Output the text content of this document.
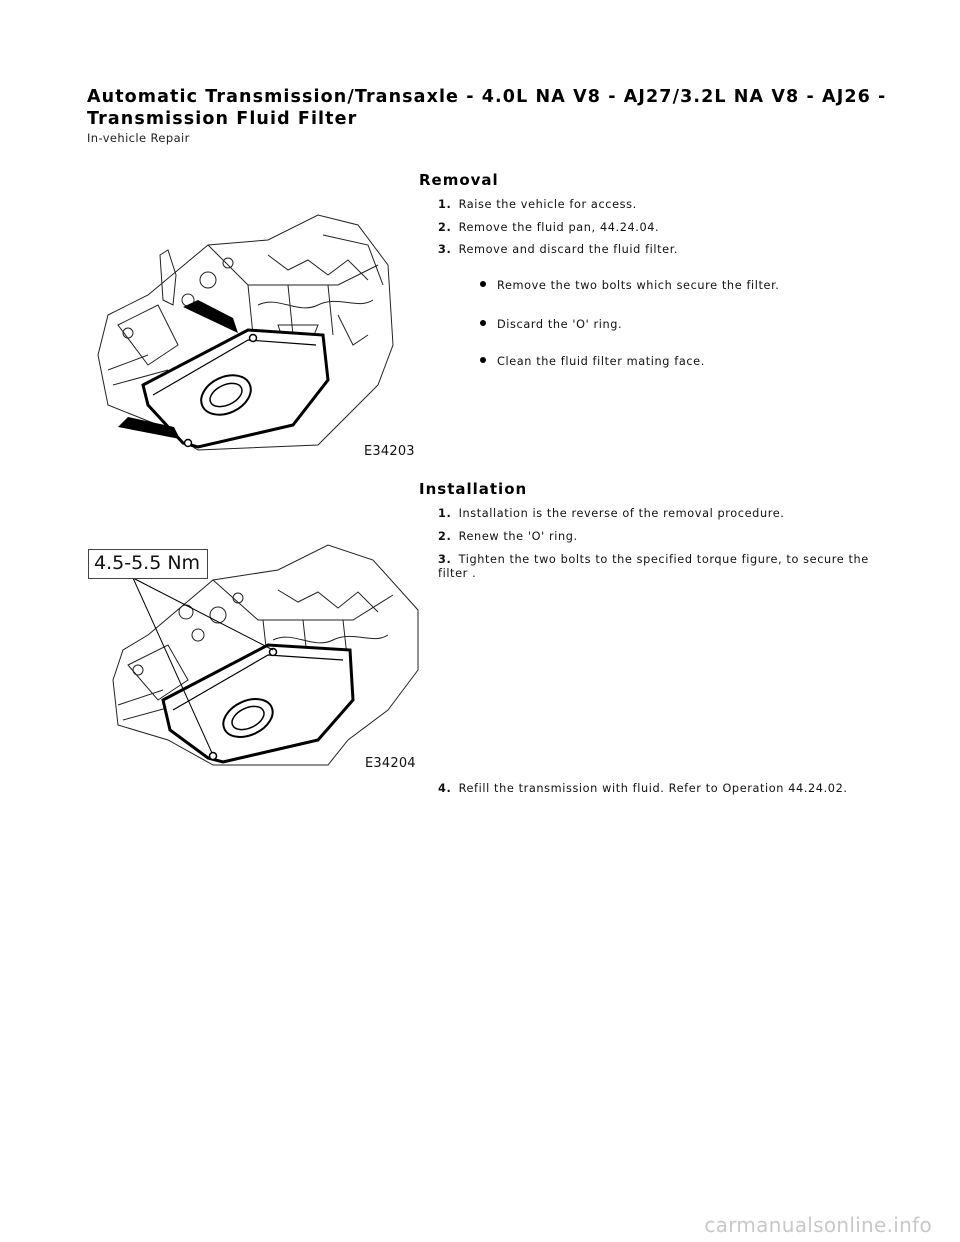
Automatic Transmission/Transaxle - 4.0L NA V8 - AJ27/3.2L NA V8 - AJ26 - Transmission Fluid Filter
In-vehicle Repair
Removal
1. Raise the vehicle for access.
2. Remove the fluid pan, 44.24.04.
3. Remove and discard the fluid filter.
Remove the two bolts which secure the filter.
Discard the 'O' ring.
Clean the fluid filter mating face.
E34203
Installation
1. Installation is the reverse of the removal procedure.
2. Renew the 'O' ring.
3. Tighten the two bolts to the specified torque figure, to secure the filter .
4. Refill the transmission with fluid. Refer to Operation 44.24.02.
4.5-5.5 Nm
E34204
carmanualsonline.info
